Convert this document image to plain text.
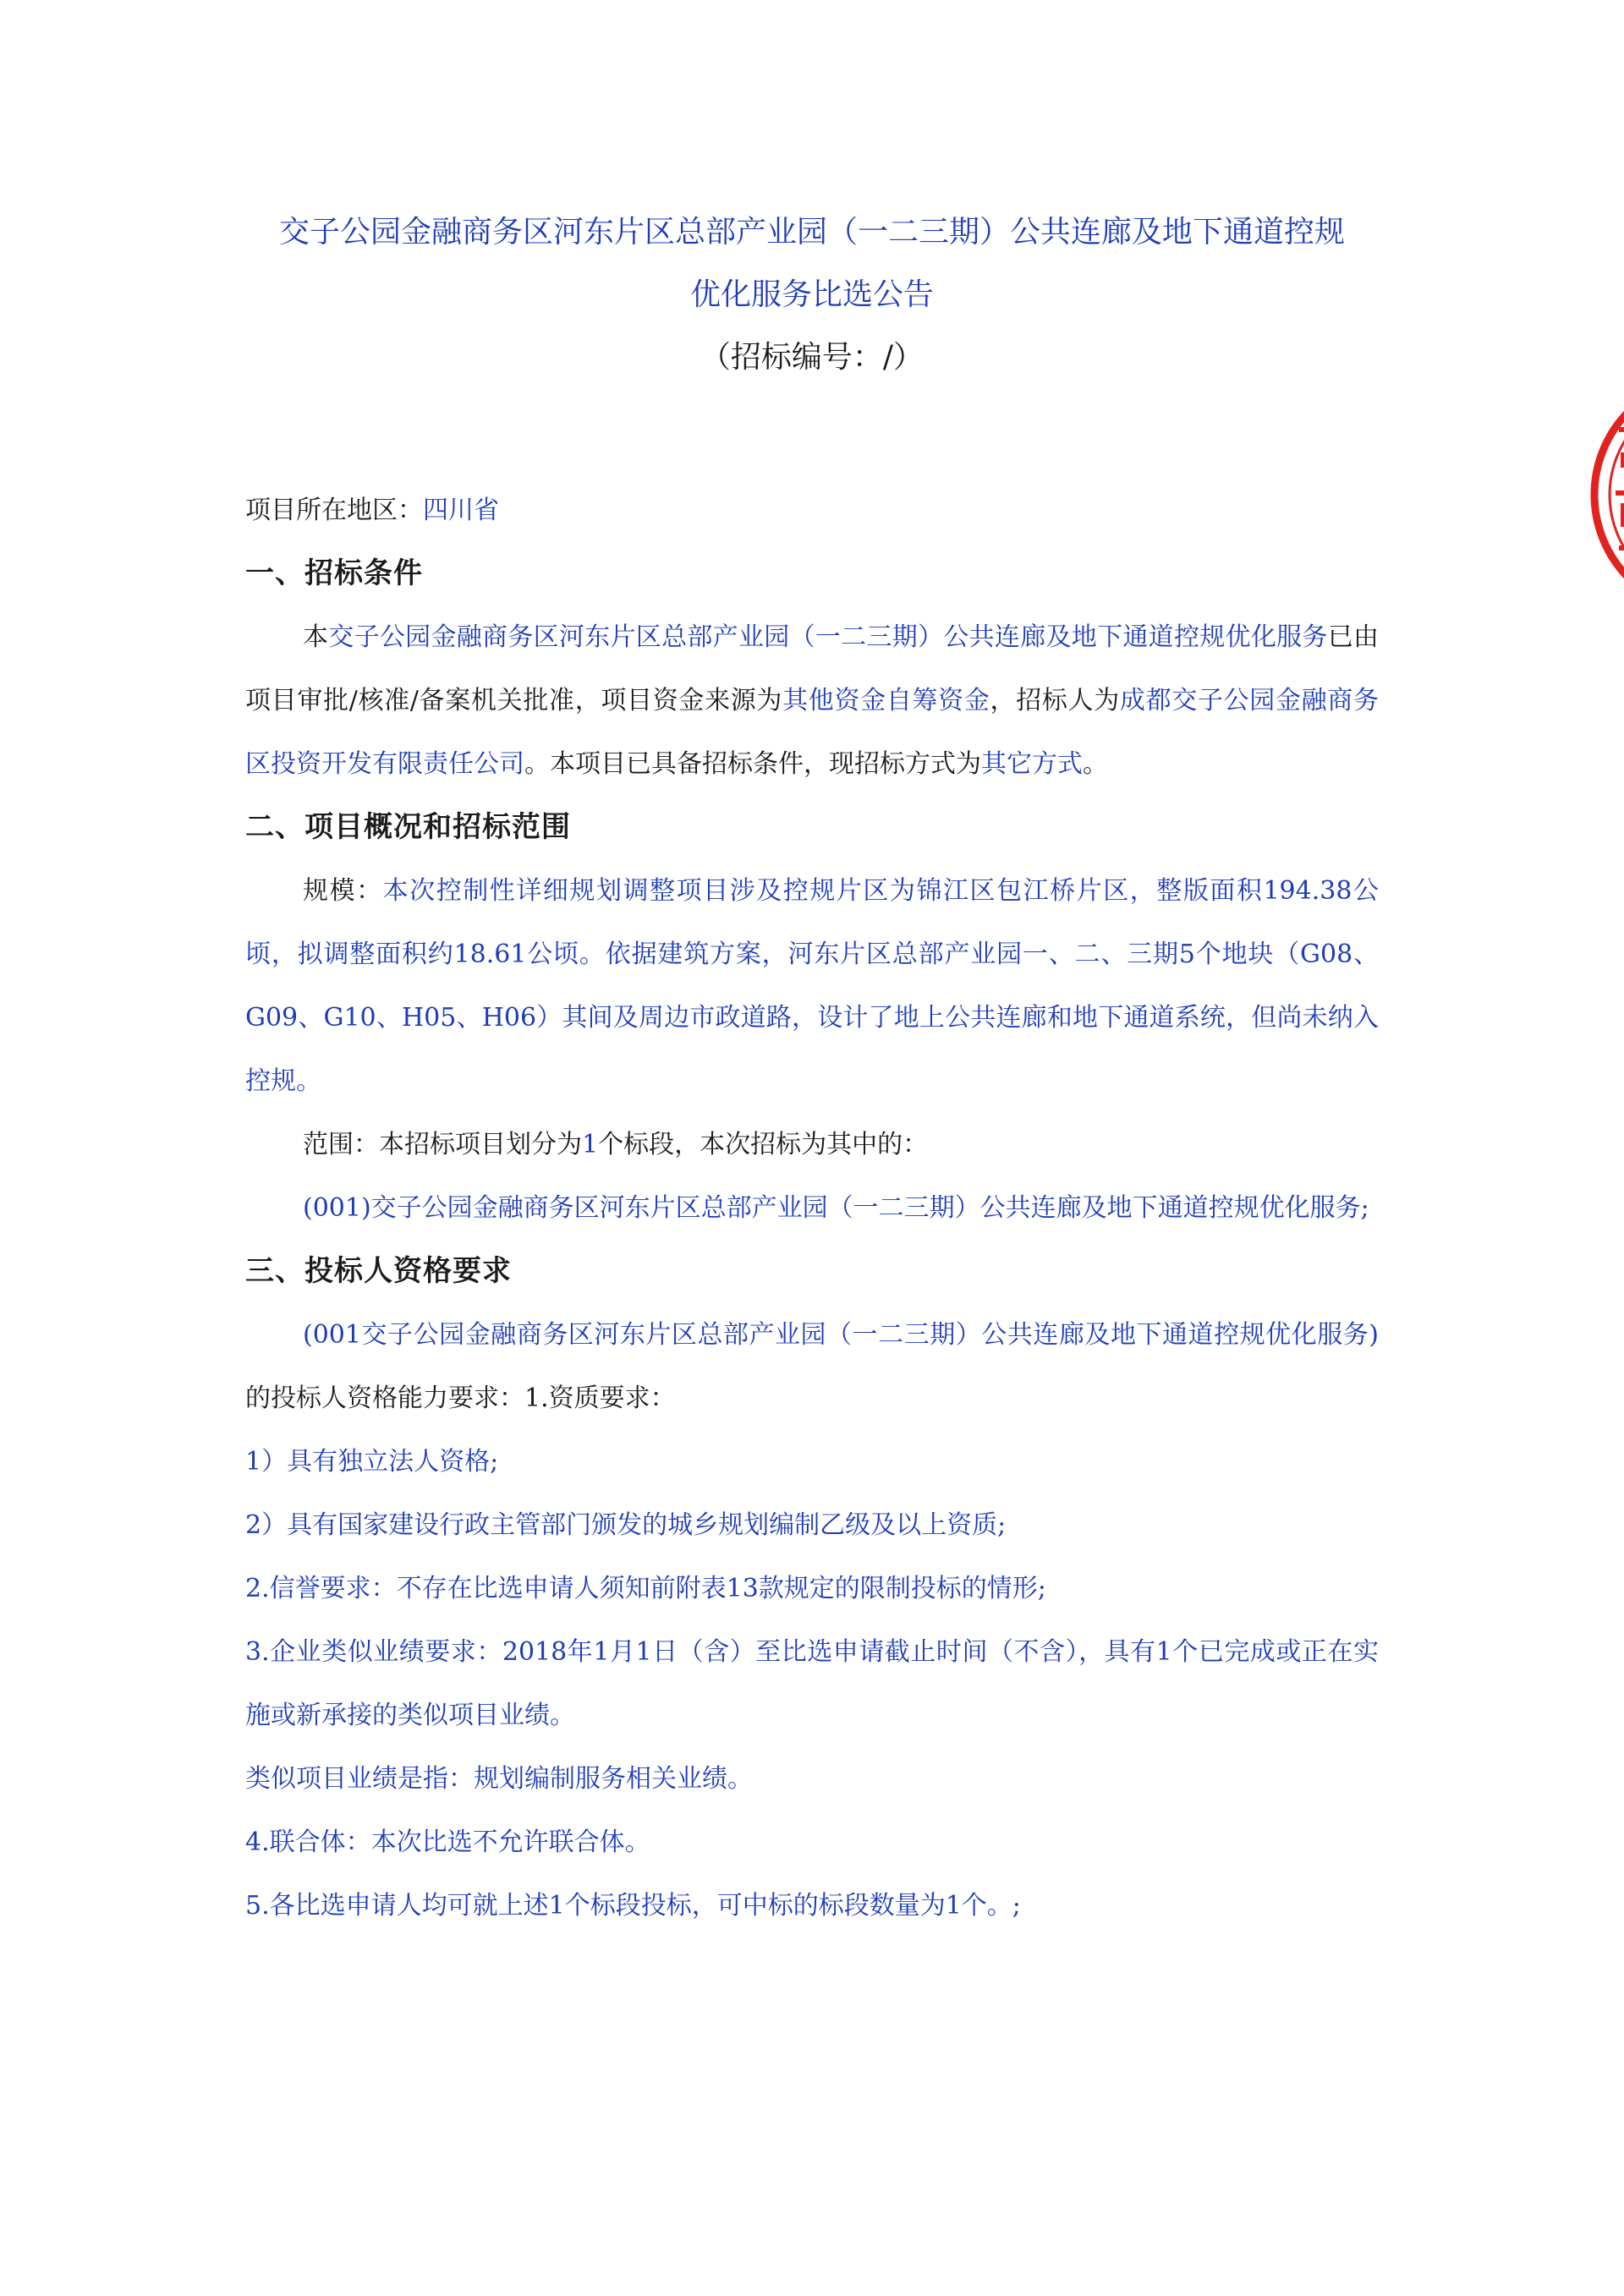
交子公园金融商务区河东片区总部产业园（一二三期）公共连廊及地下通道控规
优化服务比选公告
（招标编号：/）

项目所在地区：四川省

一、招标条件

本交子公园金融商务区河东片区总部产业园（一二三期）公共连廊及地下通道控规优化服务已由项目审批/核准/备案机关批准，项目资金来源为其他资金自筹资金，招标人为成都交子公园金融商务区投资开发有限责任公司。本项目已具备招标条件，现招标方式为其它方式。

二、项目概况和招标范围

规模：本次控制性详细规划调整项目涉及控规片区为锦江区包江桥片区，整版面积194.38公顷，拟调整面积约18.61公顷。依据建筑方案，河东片区总部产业园一、二、三期5个地块（G08、G09、G10、H05、H06）其间及周边市政道路，设计了地上公共连廊和地下通道系统，但尚未纳入控规。

范围：本招标项目划分为1个标段，本次招标为其中的：

(001)交子公园金融商务区河东片区总部产业园（一二三期）公共连廊及地下通道控规优化服务;

三、投标人资格要求

(001交子公园金融商务区河东片区总部产业园（一二三期）公共连廊及地下通道控规优化服务)的投标人资格能力要求：1.资质要求：

1）具有独立法人资格;

2）具有国家建设行政主管部门颁发的城乡规划编制乙级及以上资质;

2.信誉要求：不存在比选申请人须知前附表13款规定的限制投标的情形;

3.企业类似业绩要求：2018年1月1日（含）至比选申请截止时间（不含），具有1个已完成或正在实施或新承接的类似项目业绩。

类似项目业绩是指：规划编制服务相关业绩。

4.联合体：本次比选不允许联合体。

5.各比选申请人均可就上述1个标段投标，可中标的标段数量为1个。;
